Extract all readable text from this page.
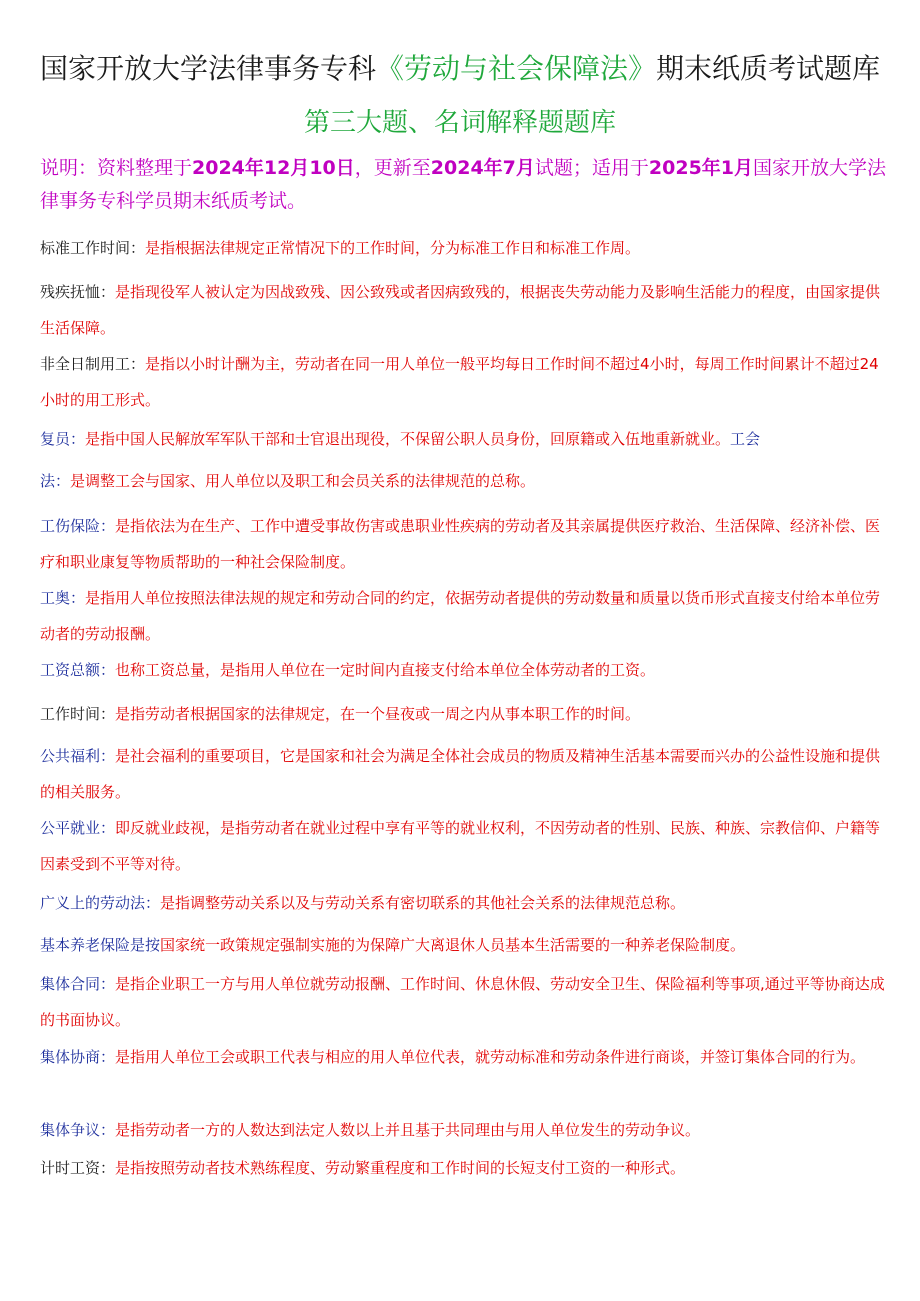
国家开放大学法律事务专科《劳动与社会保障法》期末纸质考试题库
第三大题、名词解释题题库
说明：资料整理于2024年12月10日，更新至2024年7月试题；适用于2025年1月国家开放大学法律事务专科学员期末纸质考试。
标准工作时间：是指根据法律规定正常情况下的工作时间，分为标准工作日和标准工作周。
残疾抚恤：是指现役军人被认定为因战致残、因公致残或者因病致残的，根据丧失劳动能力及影响生活能力的程度，由国家提供生活保障。
非全日制用工：是指以小时计酬为主，劳动者在同一用人单位一般平均每日工作时间不超过4小时，每周工作时间累计不超过24小时的用工形式。
复员：是指中国人民解放军军队干部和士官退出现役，不保留公职人员身份，回原籍或入伍地重新就业。工会
法：是调整工会与国家、用人单位以及职工和会员关系的法律规范的总称。
工伤保险：是指依法为在生产、工作中遭受事故伤害或患职业性疾病的劳动者及其亲属提供医疗救治、生活保障、经济补偿、医疗和职业康复等物质帮助的一种社会保险制度。
工奥：是指用人单位按照法律法规的规定和劳动合同的约定，依据劳动者提供的劳动数量和质量以货币形式直接支付给本单位劳动者的劳动报酬。
工资总额：也称工资总量，是指用人单位在一定时间内直接支付给本单位全体劳动者的工资。
工作时间：是指劳动者根据国家的法律规定，在一个昼夜或一周之内从事本职工作的时间。
公共福利：是社会福利的重要项目，它是国家和社会为满足全体社会成员的物质及精神生活基本需要而兴办的公益性设施和提供的相关服务。
公平就业：即反就业歧视，是指劳动者在就业过程中享有平等的就业权利，不因劳动者的性别、民族、种族、宗教信仰、户籍等因素受到不平等对待。
广义上的劳动法：是指调整劳动关系以及与劳动关系有密切联系的其他社会关系的法律规范总称。
基本养老保险是按国家统一政策规定强制实施的为保障广大离退休人员基本生活需要的一种养老保险制度。
集体合同：是指企业职工一方与用人单位就劳动报酬、工作时间、休息休假、劳动安全卫生、保险福利等事项,通过平等协商达成的书面协议。
集体协商：是指用人单位工会或职工代表与相应的用人单位代表，就劳动标准和劳动条件进行商谈，并签订集体合同的行为。
集体争议：是指劳动者一方的人数达到法定人数以上并且基于共同理由与用人单位发生的劳动争议。
计时工资：是指按照劳动者技术熟练程度、劳动繁重程度和工作时间的长短支付工资的一种形式。
